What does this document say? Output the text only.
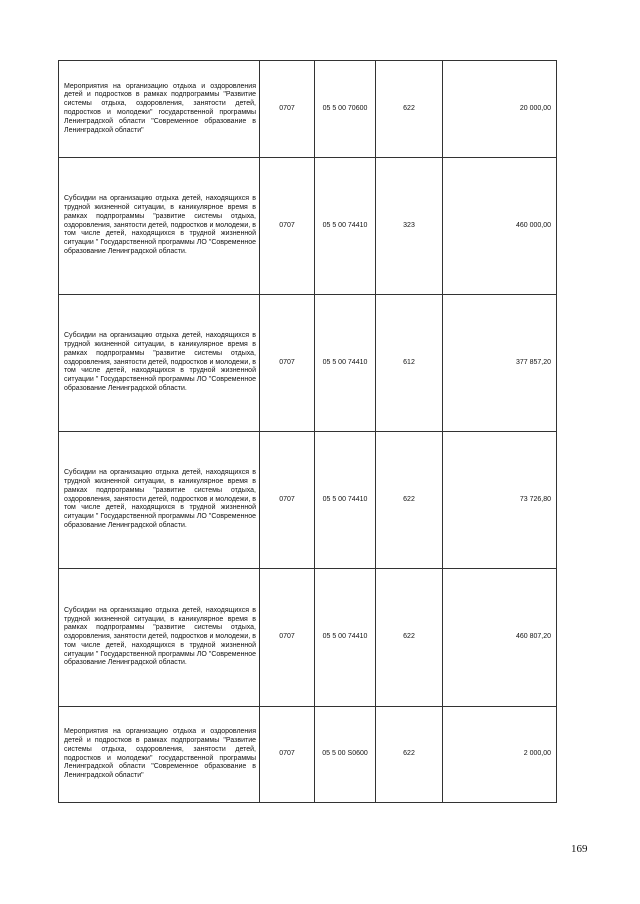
Мероприятия на организацию отдыха и оздоровления детей и подростков в рамках подпрограммы "Развитие системы отдыха, оздоровления, занятости детей, подростков и молодежи" государственной программы Ленинградской области "Современное образование в Ленинградской области"	0707	05 5 00 70600	622	20 000,00
Субсидии на организацию отдыха детей, находящихся в трудной жизненной ситуации, в каникулярное время в рамках подпрограммы "развитие системы отдыха, оздоровления, занятости детей, подростков и молодежи, в том числе детей, находящихся в трудной жизненной ситуации " Государственной программы ЛО "Современное образование Ленинградской области.	0707	05 5 00 74410	323	460 000,00
Субсидии на организацию отдыха детей, находящихся в трудной жизненной ситуации, в каникулярное время в рамках подпрограммы "развитие системы отдыха, оздоровления, занятости детей, подростков и молодежи, в том числе детей, находящихся в трудной жизненной ситуации " Государственной программы ЛО "Современное образование Ленинградской области.	0707	05 5 00 74410	612	377 857,20
Субсидии на организацию отдыха детей, находящихся в трудной жизненной ситуации, в каникулярное время в рамках подпрограммы "развитие системы отдыха, оздоровления, занятости детей, подростков и молодежи, в том числе детей, находящихся в трудной жизненной ситуации " Государственной программы ЛО "Современное образование Ленинградской области.	0707	05 5 00 74410	622	73 726,80
Субсидии на организацию отдыха детей, находящихся в трудной жизненной ситуации, в каникулярное время в рамках подпрограммы "развитие системы отдыха, оздоровления, занятости детей, подростков и молодежи, в том числе детей, находящихся в трудной жизненной ситуации " Государственной программы ЛО "Современное образование Ленинградской области.	0707	05 5 00 74410	622	460 807,20
Мероприятия на организацию отдыха и оздоровления детей и подростков в рамках подпрограммы "Развитие системы отдыха, оздоровления, занятости детей, подростков и молодежи" государственной программы Ленинградской области "Современное образование в Ленинградской области"	0707	05 5 00 S0600	622	2 000,00
169
